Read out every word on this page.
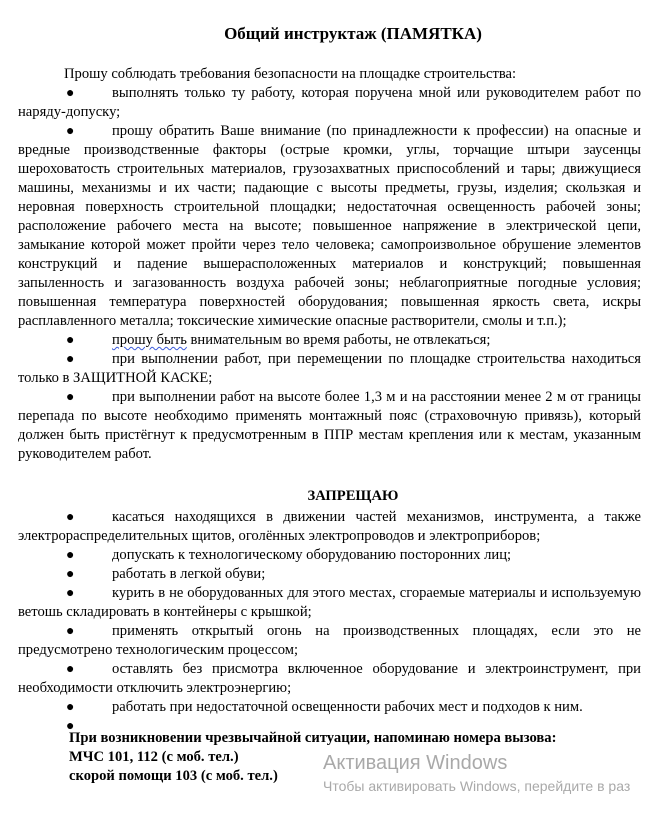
Общий инструктаж (ПАМЯТКА)
Прошу соблюдать требования безопасности на площадке строительства:

●	выполнять только ту работу, которая поручена мной или руководителем работ по наряду-допуску;

●	прошу обратить Ваше внимание (по принадлежности к профессии) на опасные и вредные производственные факторы (острые кромки, углы, торчащие штыри заусенцы шероховатость строительных материалов, грузозахватных приспособлений и тары; движущиеся машины, механизмы и их части; падающие с высоты предметы, грузы, изделия; скользкая и неровная поверхность строительной площадки; недостаточная освещенность рабочей зоны; расположение рабочего места на высоте; повышенное напряжение в электрической цепи, замыкание которой может пройти через тело человека; самопроизвольное обрушение элементов конструкций и падение вышерасположенных материалов и конструкций; повышенная запыленность и загазованность воздуха рабочей зоны; неблагоприятные погодные условия; повышенная температура поверхностей оборудования; повышенная яркость света, искры расплавленного металла; токсические химические опасные растворители, смолы и т.п.);

●	прошу быть внимательным во время работы, не отвлекаться;

●	при выполнении работ, при перемещении по площадке строительства находиться только в ЗАЩИТНОЙ КАСКЕ;

●	при выполнении работ на высоте более 1,3 м и на расстоянии менее 2 м от границы перепада по высоте необходимо применять монтажный пояс (страховочную привязь), который должен быть пристёгнут к предусмотренным в ППР местам крепления или к местам, указанным руководителем работ.

ЗАПРЕЩАЮ

●	касаться находящихся в движении частей механизмов, инструмента, а также электрораспределительных щитов, оголённых электропроводов и электроприборов;

●	допускать к технологическому оборудованию посторонних лиц;

●	работать в легкой обуви;

●	курить в не оборудованных для этого местах, сгораемые материалы и используемую ветошь складировать в контейнеры с крышкой;

●	применять открытый огонь на производственных площадях, если это не предусмотрено технологическим процессом;

●	оставлять без присмотра включенное оборудование и электроинструмент, при необходимости отключить электроэнергию;

●	работать при недостаточной освещенности рабочих мест и подходов к ним.

●

При возникновении чрезвычайной ситуации, напоминаю номера вызова:
МЧС 101, 112 (с моб. тел.)
скорой помощи 103 (с моб. тел.)
Активация Windows
Чтобы активировать Windows, перейдите в раз
